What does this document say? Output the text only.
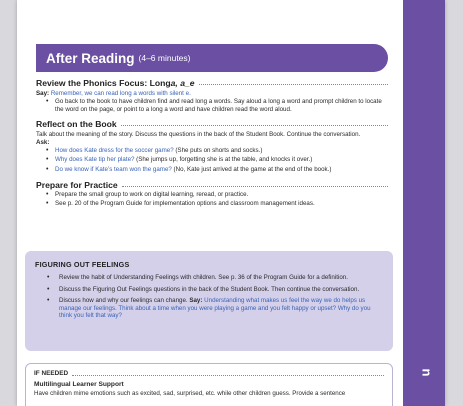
n
After Reading (4–6 minutes)
Review the Phonics Focus: Long a, a_e
Say: Remember, we can read long a words with silent e.
• Go back to the book to have children find and read long a words. Say aloud a long a word and prompt children to locate the word on the page, or point to a long a word and have children read the word aloud.
Reflect on the Book
Talk about the meaning of the story. Discuss the questions in the back of the Student Book. Continue the conversation.
Ask:
• How does Kate dress for the soccer game? (She puts on shorts and socks.)
• Why does Kate tip her plate? (She jumps up, forgetting she is at the table, and knocks it over.)
• Do we know if Kate’s team won the game? (No, Kate just arrived at the game at the end of the book.)
Prepare for Practice
• Prepare the small group to work on digital learning, reread, or practice.
• See p. 20 of the Program Guide for implementation options and classroom management ideas.
FIGURING OUT FEELINGS
• Review the habit of Understanding Feelings with children. See p. 36 of the Program Guide for a definition.
• Discuss the Figuring Out Feelings questions in the back of the Student Book. Then continue the conversation.
• Discuss how and why our feelings can change. Say: Understanding what makes us feel the way we do helps us manage our feelings. Think about a time when you were playing a game and you felt happy or upset? Why do you think you felt that way?
IF NEEDED
Multilingual Learner Support
Have children mime emotions such as excited, sad, surprised, etc. while other children guess. Provide a sentence
